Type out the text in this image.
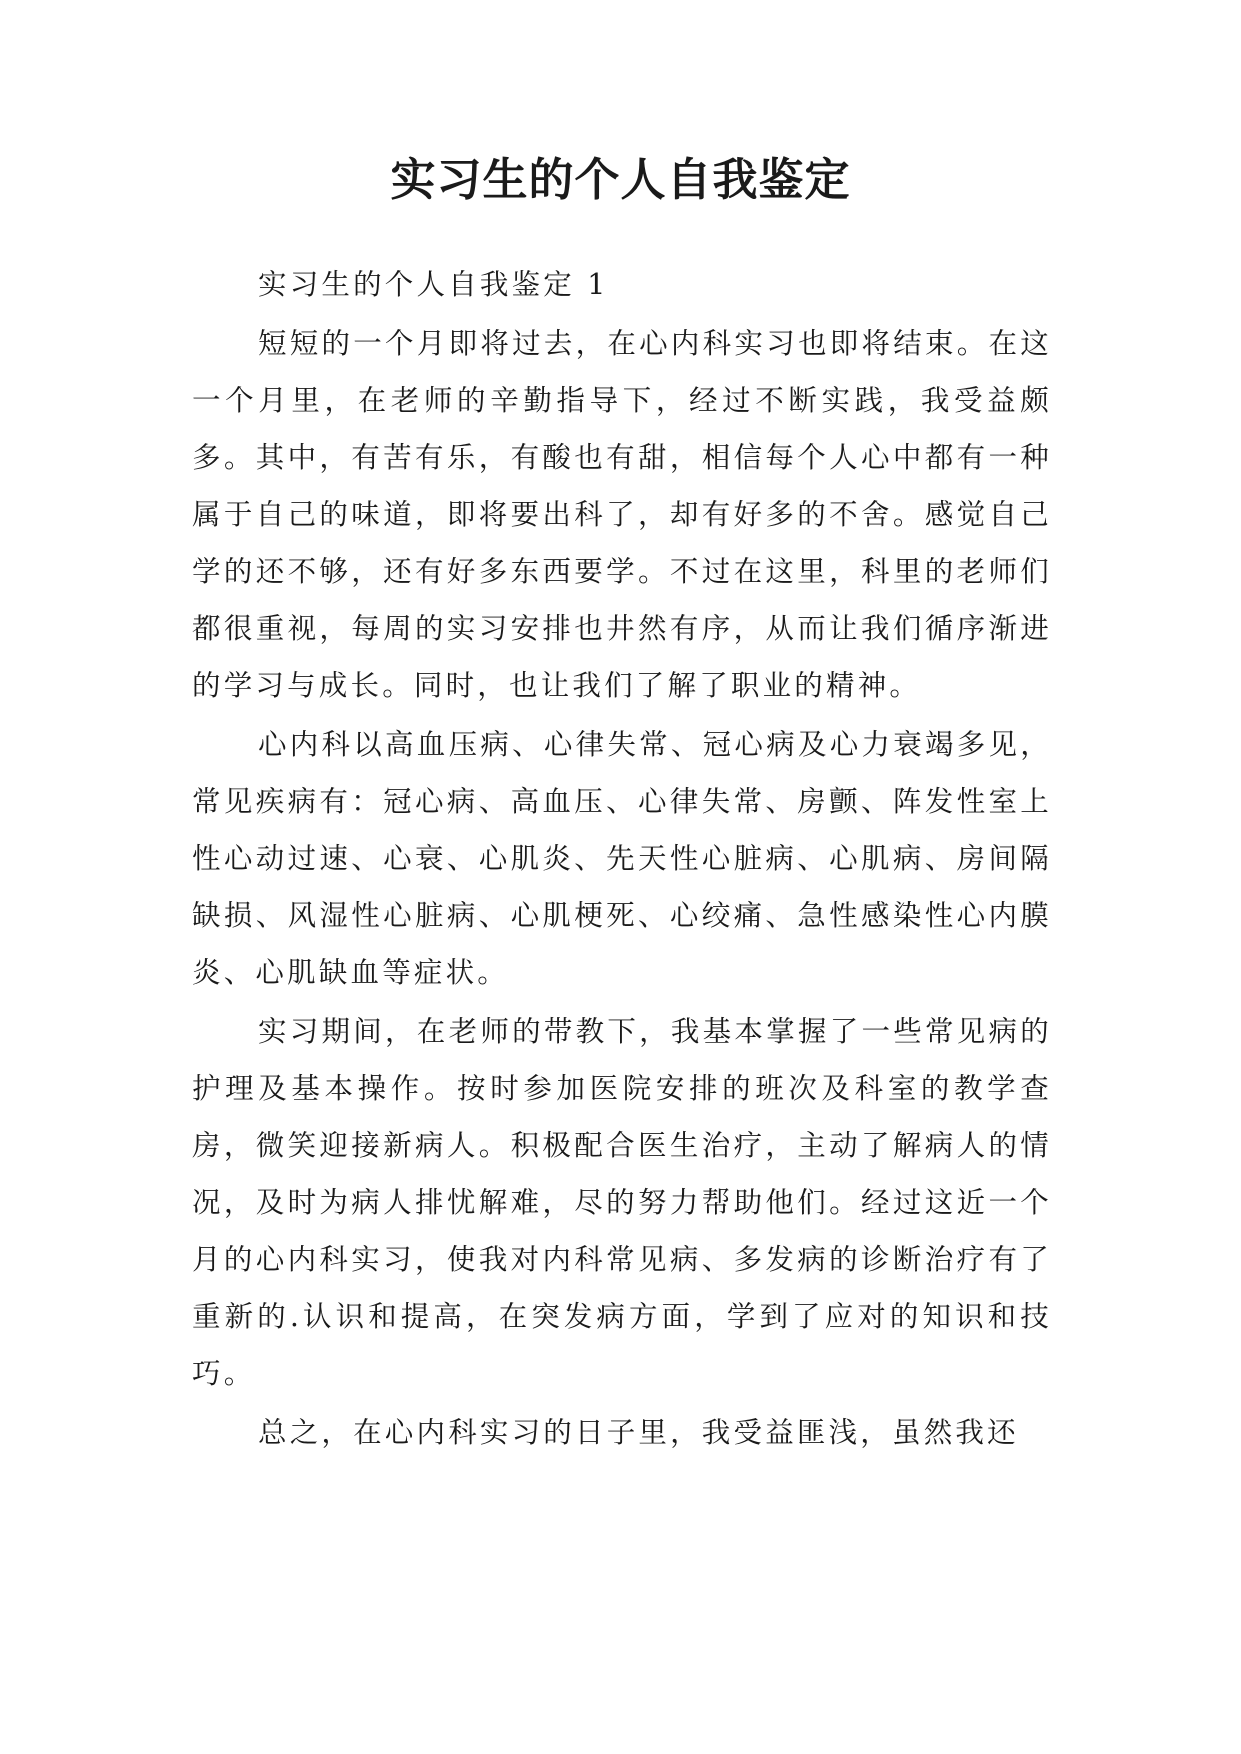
实习生的个人自我鉴定

实习生的个人自我鉴定 1

短短的一个月即将过去，在心内科实习也即将结束。在这一个月里，在老师的辛勤指导下，经过不断实践，我受益颇多。其中，有苦有乐，有酸也有甜，相信每个人心中都有一种属于自己的味道，即将要出科了，却有好多的不舍。感觉自己学的还不够，还有好多东西要学。不过在这里，科里的老师们都很重视，每周的实习安排也井然有序，从而让我们循序渐进的学习与成长。同时，也让我们了解了职业的精神。

心内科以高血压病、心律失常、冠心病及心力衰竭多见，常见疾病有：冠心病、高血压、心律失常、房颤、阵发性室上性心动过速、心衰、心肌炎、先天性心脏病、心肌病、房间隔缺损、风湿性心脏病、心肌梗死、心绞痛、急性感染性心内膜炎、心肌缺血等症状。

实习期间，在老师的带教下，我基本掌握了一些常见病的护理及基本操作。按时参加医院安排的班次及科室的教学查房，微笑迎接新病人。积极配合医生治疗，主动了解病人的情况，及时为病人排忧解难，尽的努力帮助他们。经过这近一个月的心内科实习，使我对内科常见病、多发病的诊断治疗有了重新的.认识和提高，在突发病方面，学到了应对的知识和技巧。

总之，在心内科实习的日子里，我受益匪浅，虽然我还
